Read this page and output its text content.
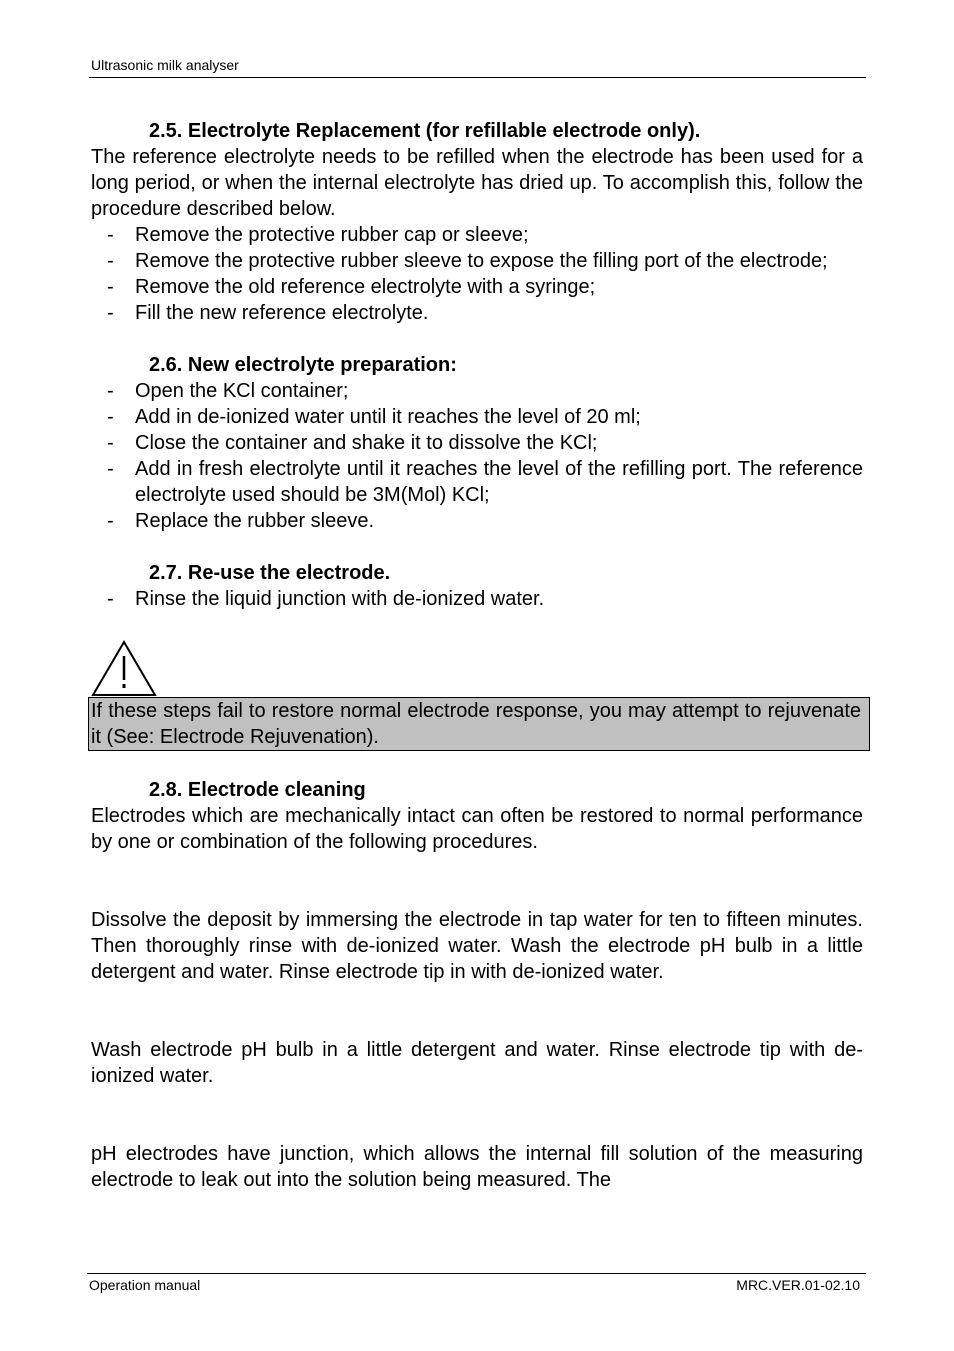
Ultrasonic milk analyser
2.5. Electrolyte Replacement (for refillable electrode only).

The reference electrolyte needs to be refilled when the electrode has been used for a long period, or when the internal electrolyte has dried up. To accomplish this, follow the procedure described below.

- Remove the protective rubber cap or sleeve;
- Remove the protective rubber sleeve to expose the filling port of the electrode;
- Remove the old reference electrolyte with a syringe;
- Fill the new reference electrolyte.
2.6. New electrolyte preparation:
- Open the KCl container;
- Add in de-ionized water until it reaches the level of 20 ml;
- Close the container and shake it to dissolve the KCl;
- Add in fresh electrolyte until it reaches the level of the refilling port. The reference electrolyte used should be 3M(Mol) KCl;
- Replace the rubber sleeve.
2.7. Re-use the electrode.
- Rinse the liquid junction with de-ionized water.
If these steps fail to restore normal electrode response, you may attempt to rejuvenate it (See: Electrode Rejuvenation).
2.8. Electrode cleaning

Electrodes which are mechanically intact can often be restored to normal performance by one or combination of the following procedures.

Dissolve the deposit by immersing the electrode in tap water for ten to fifteen minutes. Then thoroughly rinse with de-ionized water. Wash the electrode pH bulb in a little detergent and water. Rinse electrode tip in with de-ionized water.

Wash electrode pH bulb in a little detergent and water. Rinse electrode tip with de-ionized water.

pH electrodes have junction, which allows the internal fill solution of the measuring electrode to leak out into the solution being measured. The

Operation manual	MRC.VER.01-02.10
